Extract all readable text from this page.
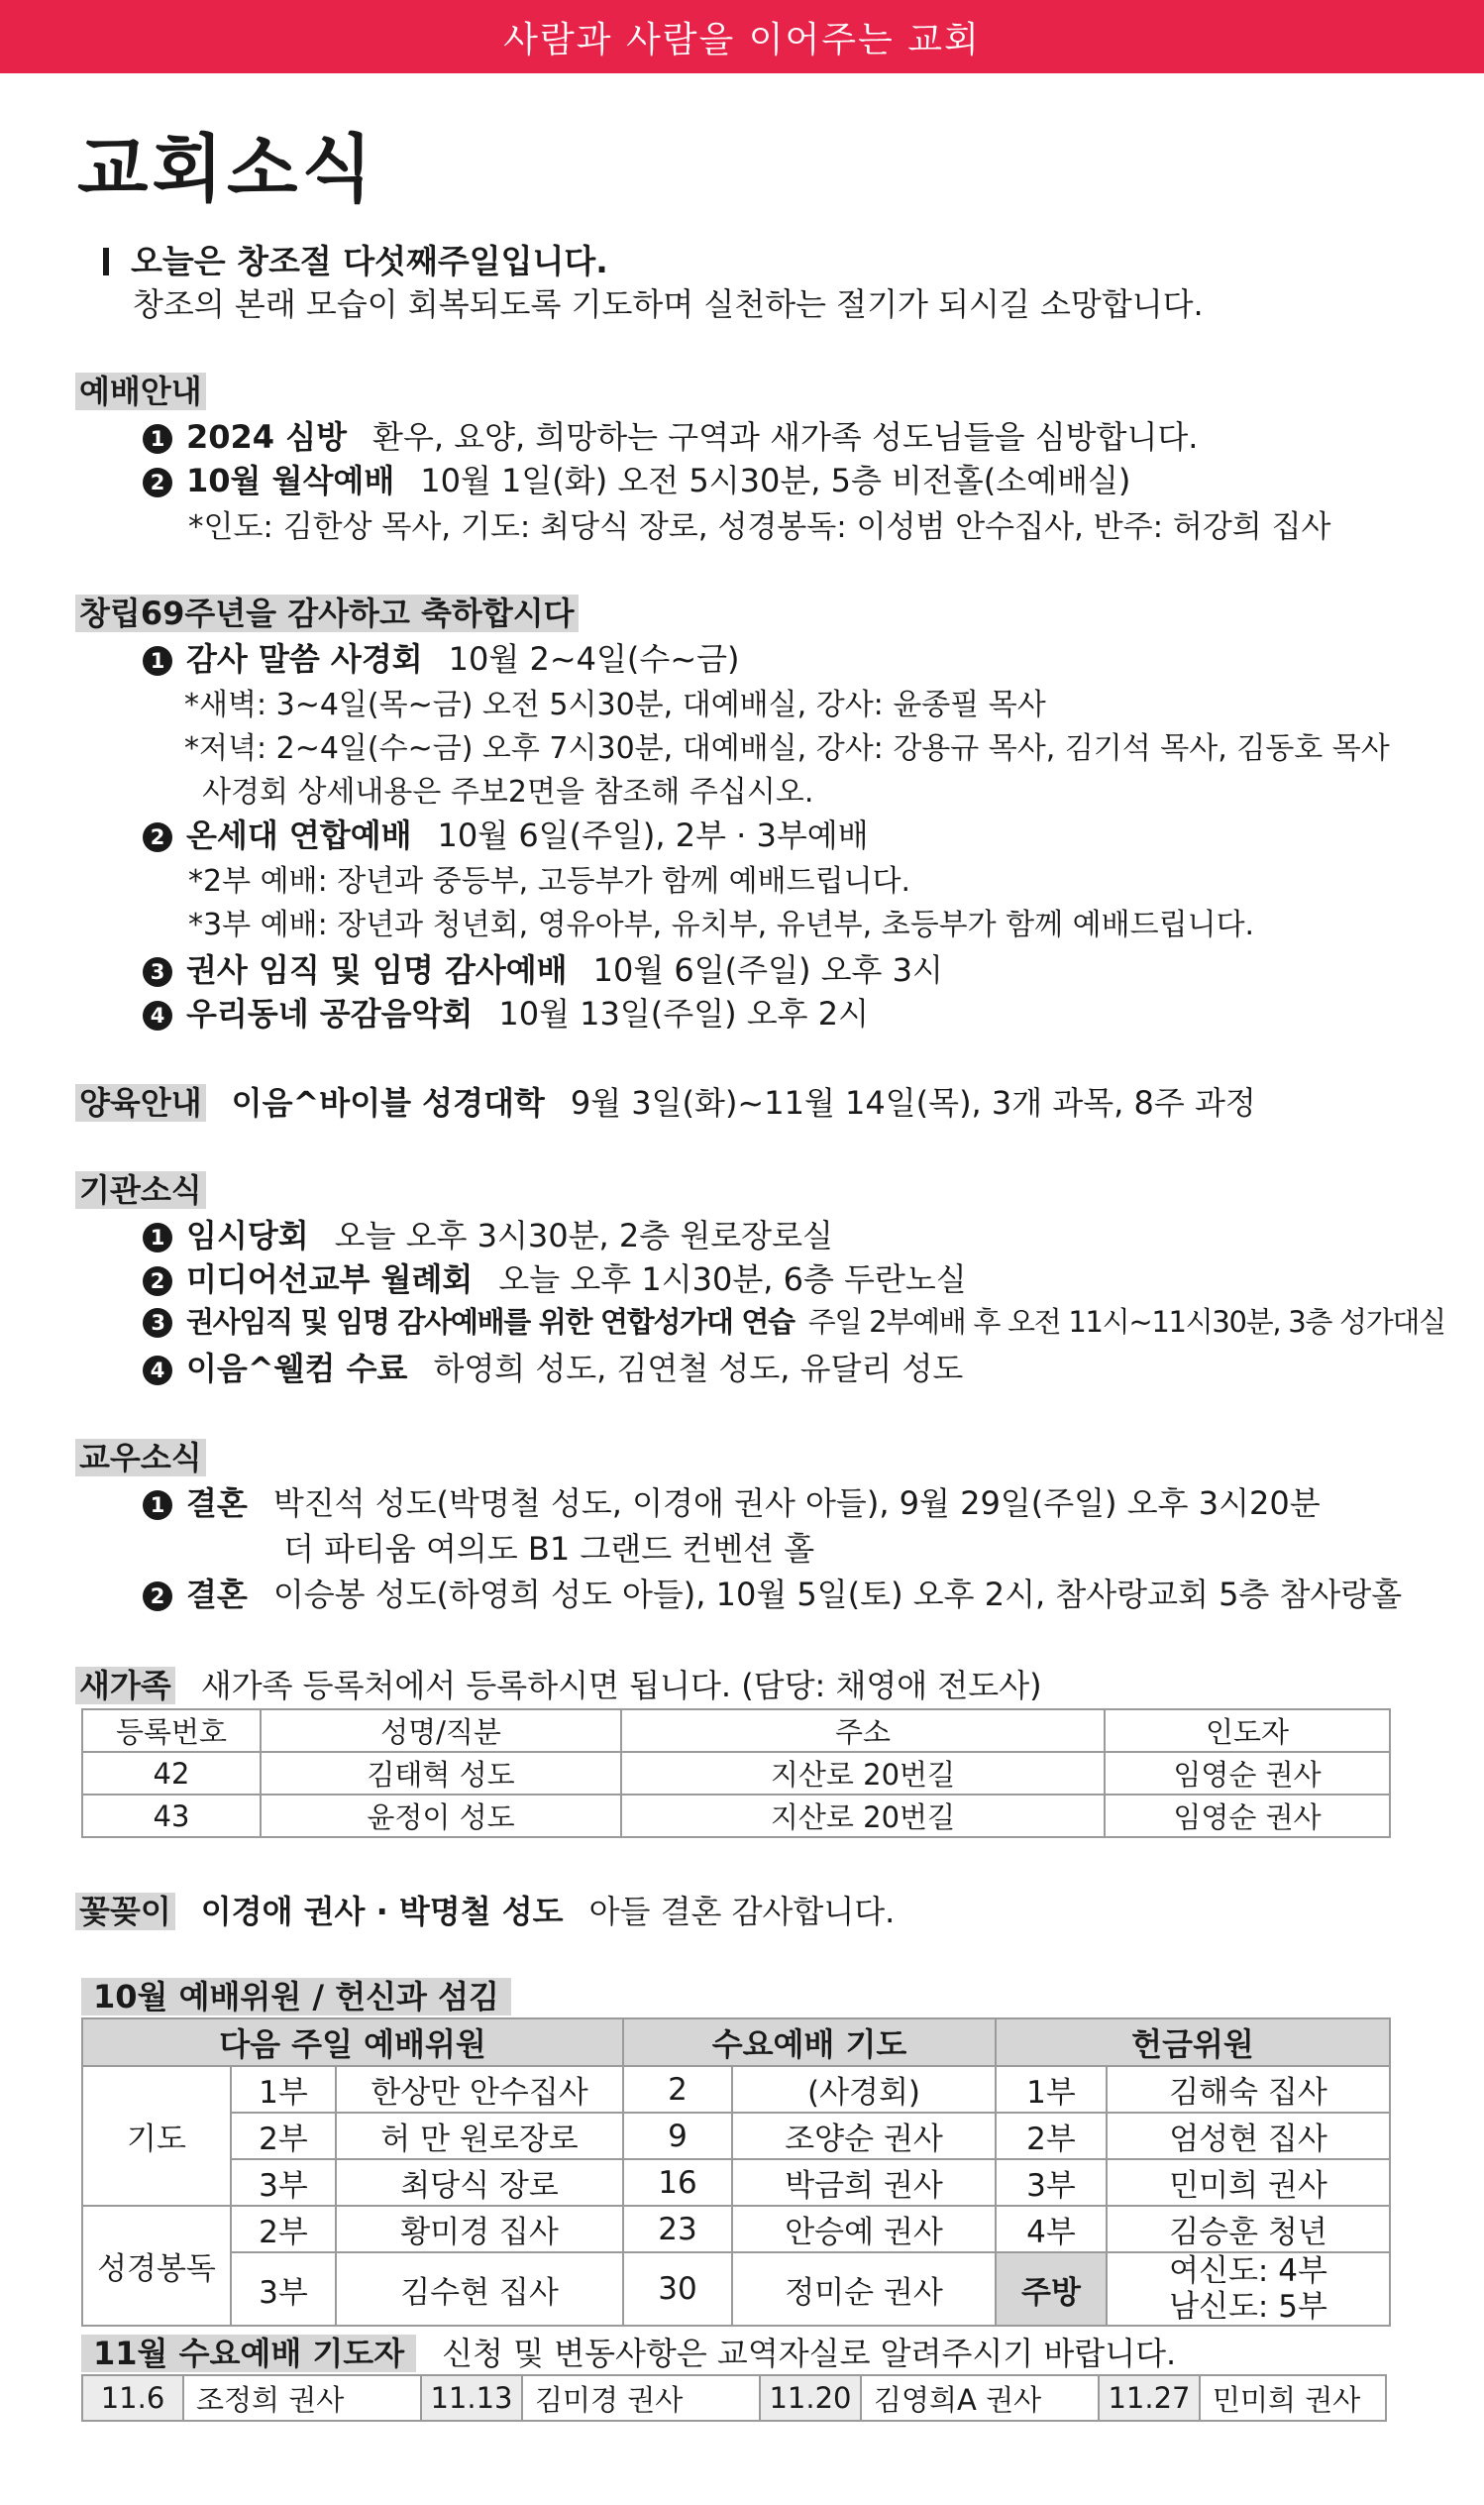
사람과 사람을 이어주는 교회
교회소식
오늘은 창조절 다섯째주일입니다.
창조의 본래 모습이 회복되도록 기도하며 실천하는 절기가 되시길 소망합니다.
예배안내
1 2024 심방 환우, 요양, 희망하는 구역과 새가족 성도님들을 심방합니다.
2 10월 월삭예배 10월 1일(화) 오전 5시30분, 5층 비전홀(소예배실)
*인도: 김한상 목사, 기도: 최당식 장로, 성경봉독: 이성범 안수집사, 반주: 허강희 집사
창립69주년을 감사하고 축하합시다
1 감사 말씀 사경회 10월 2~4일(수~금)
*새벽: 3~4일(목~금) 오전 5시30분, 대예배실, 강사: 윤종필 목사
*저녁: 2~4일(수~금) 오후 7시30분, 대예배실, 강사: 강용규 목사, 김기석 목사, 김동호 목사
사경회 상세내용은 주보2면을 참조해 주십시오.
2 온세대 연합예배 10월 6일(주일), 2부 · 3부예배
*2부 예배: 장년과 중등부, 고등부가 함께 예배드립니다.
*3부 예배: 장년과 청년회, 영유아부, 유치부, 유년부, 초등부가 함께 예배드립니다.
3 권사 임직 및 임명 감사예배 10월 6일(주일) 오후 3시
4 우리동네 공감음악회 10월 13일(주일) 오후 2시
양육안내 이음^바이블 성경대학 9월 3일(화)~11월 14일(목), 3개 과목, 8주 과정
기관소식
1 임시당회 오늘 오후 3시30분, 2층 원로장로실
2 미디어선교부 월례회 오늘 오후 1시30분, 6층 두란노실
3 권사임직 및 임명 감사예배를 위한 연합성가대 연습 주일 2부예배 후 오전 11시~11시30분, 3층 성가대실
4 이음^웰컴 수료 하영희 성도, 김연철 성도, 유달리 성도
교우소식
1 결혼 박진석 성도(박명철 성도, 이경애 권사 아들), 9월 29일(주일) 오후 3시20분
더 파티움 여의도 B1 그랜드 컨벤션 홀
2 결혼 이승봉 성도(하영희 성도 아들), 10월 5일(토) 오후 2시, 참사랑교회 5층 참사랑홀
새가족 새가족 등록처에서 등록하시면 됩니다. (담당: 채영애 전도사)
등록번호	성명/직분	주소	인도자
42	김태혁 성도	지산로 20번길	임영순 권사
43	윤정이 성도	지산로 20번길	임영순 권사
꽃꽂이 이경애 권사 · 박명철 성도 아들 결혼 감사합니다.
10월 예배위원 / 헌신과 섬김
다음 주일 예배위원			수요예배 기도		헌금위원	
기도	1부	한상만 안수집사	2	(사경회)	1부	김해숙 집사
	2부	허 만 원로장로	9	조양순 권사	2부	엄성현 집사
	3부	최당식 장로	16	박금희 권사	3부	민미희 권사
성경봉독	2부	황미경 집사	23	안승예 권사	4부	김승훈 청년
	3부	김수현 집사	30	정미순 권사	주방	여신도: 4부
남신도: 5부
11월 수요예배 기도자 신청 및 변동사항은 교역자실로 알려주시기 바랍니다.
11.6	조정희 권사	11.13	김미경 권사	11.20	김영희A 권사	11.27	민미희 권사
